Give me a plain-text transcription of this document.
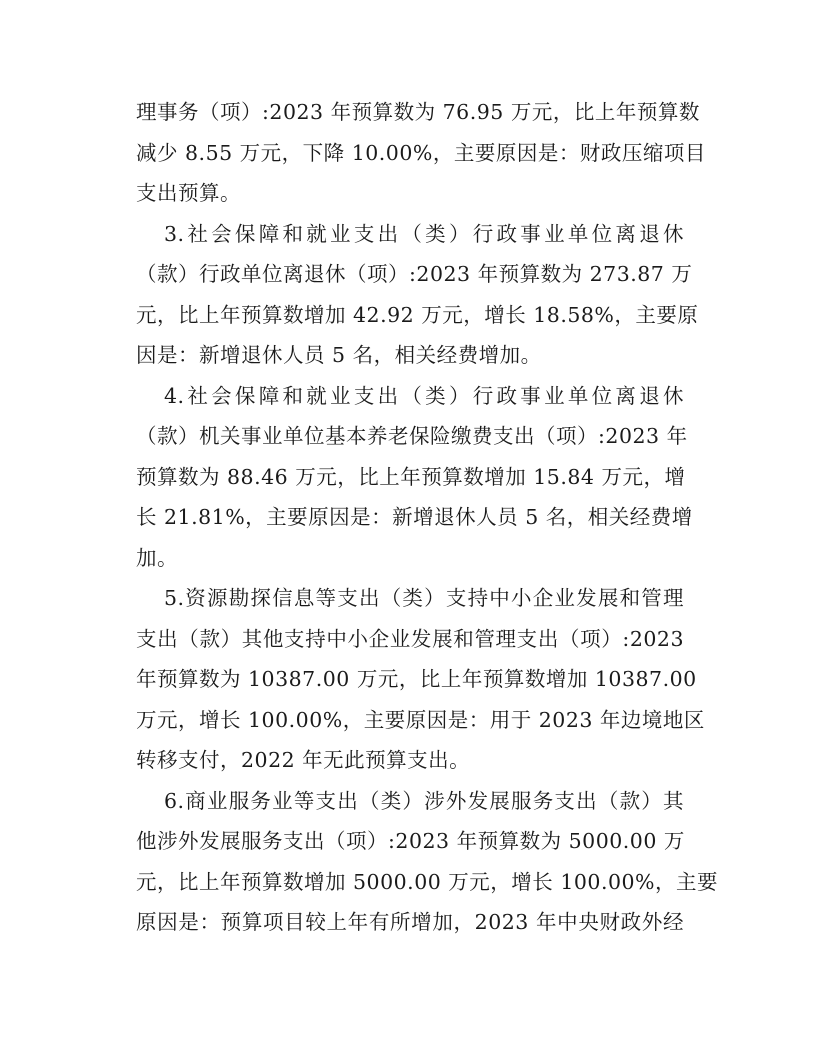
理事务（项）:2023 年预算数为 76.95 万元，比上年预算数
减少 8.55 万元，下降 10.00%，主要原因是：财政压缩项目
支出预算。
3.社会保障和就业支出（类）行政事业单位离退休
（款）行政单位离退休（项）:2023 年预算数为 273.87 万
元，比上年预算数增加 42.92 万元，增长 18.58%，主要原
因是：新增退休人员 5 名，相关经费增加。
4.社会保障和就业支出（类）行政事业单位离退休
（款）机关事业单位基本养老保险缴费支出（项）:2023 年
预算数为 88.46 万元，比上年预算数增加 15.84 万元，增
长 21.81%，主要原因是：新增退休人员 5 名，相关经费增
加。
5.资源勘探信息等支出（类）支持中小企业发展和管理
支出（款）其他支持中小企业发展和管理支出（项）:2023
年预算数为 10387.00 万元，比上年预算数增加 10387.00
万元，增长 100.00%，主要原因是：用于 2023 年边境地区
转移支付，2022 年无此预算支出。
6.商业服务业等支出（类）涉外发展服务支出（款）其
他涉外发展服务支出（项）:2023 年预算数为 5000.00 万
元，比上年预算数增加 5000.00 万元，增长 100.00%，主要
原因是：预算项目较上年有所增加，2023 年中央财政外经
